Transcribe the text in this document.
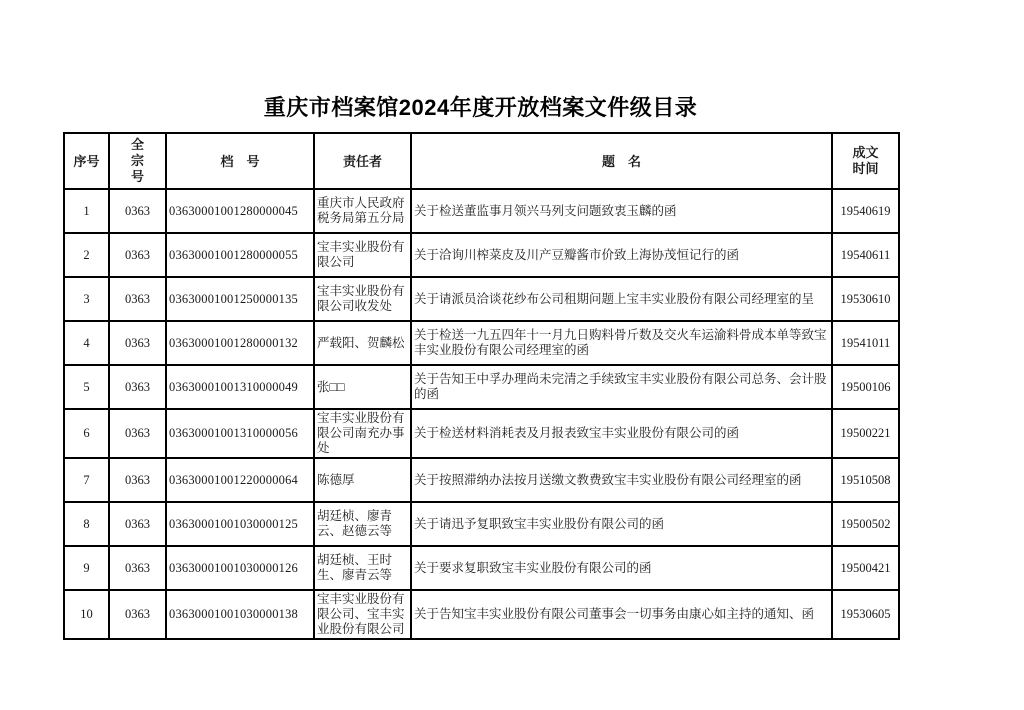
重庆市档案馆2024年度开放档案文件级目录
序号	全宗号	档　号	责任者	题　名	成文时间
1	0363	03630001001280000045	重庆市人民政府税务局第五分局	关于检送董监事月领兴马列支问题致衷玉麟的函	19540619
2	0363	03630001001280000055	宝丰实业股份有限公司	关于洽询川榨菜皮及川产豆瓣酱市价致上海协茂恒记行的函	19540611
3	0363	03630001001250000135	宝丰实业股份有限公司收发处	关于请派员洽谈花纱布公司租期问题上宝丰实业股份有限公司经理室的呈	19530610
4	0363	03630001001280000132	严载阳、贺麟松	关于检送一九五四年十一月九日购料骨斤数及交火车运渝料骨成本单等致宝丰实业股份有限公司经理室的函	19541011
5	0363	03630001001310000049	张□□	关于告知王中孚办理尚未完清之手续致宝丰实业股份有限公司总务、会计股的函	19500106
6	0363	03630001001310000056	宝丰实业股份有限公司南充办事处	关于检送材料消耗表及月报表致宝丰实业股份有限公司的函	19500221
7	0363	03630001001220000064	陈德厚	关于按照滞纳办法按月送缴文教费致宝丰实业股份有限公司经理室的函	19510508
8	0363	03630001001030000125	胡廷桢、廖青云、赵德云等	关于请迅予复职致宝丰实业股份有限公司的函	19500502
9	0363	03630001001030000126	胡廷桢、王时生、廖青云等	关于要求复职致宝丰实业股份有限公司的函	19500421
10	0363	03630001001030000138	宝丰实业股份有限公司、宝丰实业股份有限公司	关于告知宝丰实业股份有限公司董事会一切事务由康心如主持的通知、函	19530605
